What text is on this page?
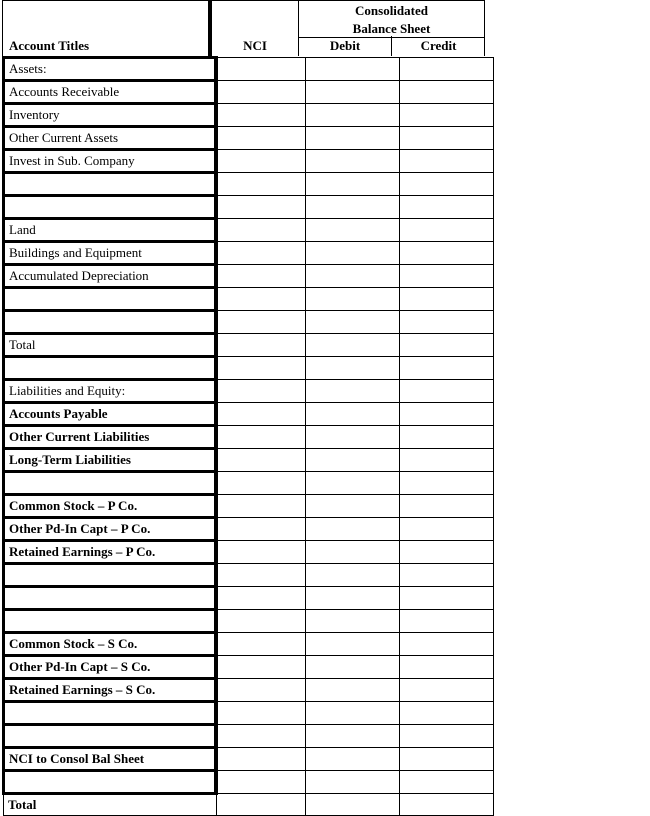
Account Titles	NCI
Consolidated
Balance Sheet
Debit	Credit
Assets:			
Accounts Receivable			
Inventory			
Other Current Assets			
Invest in Sub. Company			

Land			
Buildings and Equipment			
Accumulated Depreciation			

Total			

Liabilities and Equity:			
Accounts Payable			
Other Current Liabilities			
Long-Term Liabilities			

Common Stock – P Co.			
Other Pd-In Capt – P Co.			
Retained Earnings – P Co.			

Common Stock – S Co.			
Other Pd-In Capt – S Co.			
Retained Earnings – S Co.			

NCI to Consol Bal Sheet			

Total			
